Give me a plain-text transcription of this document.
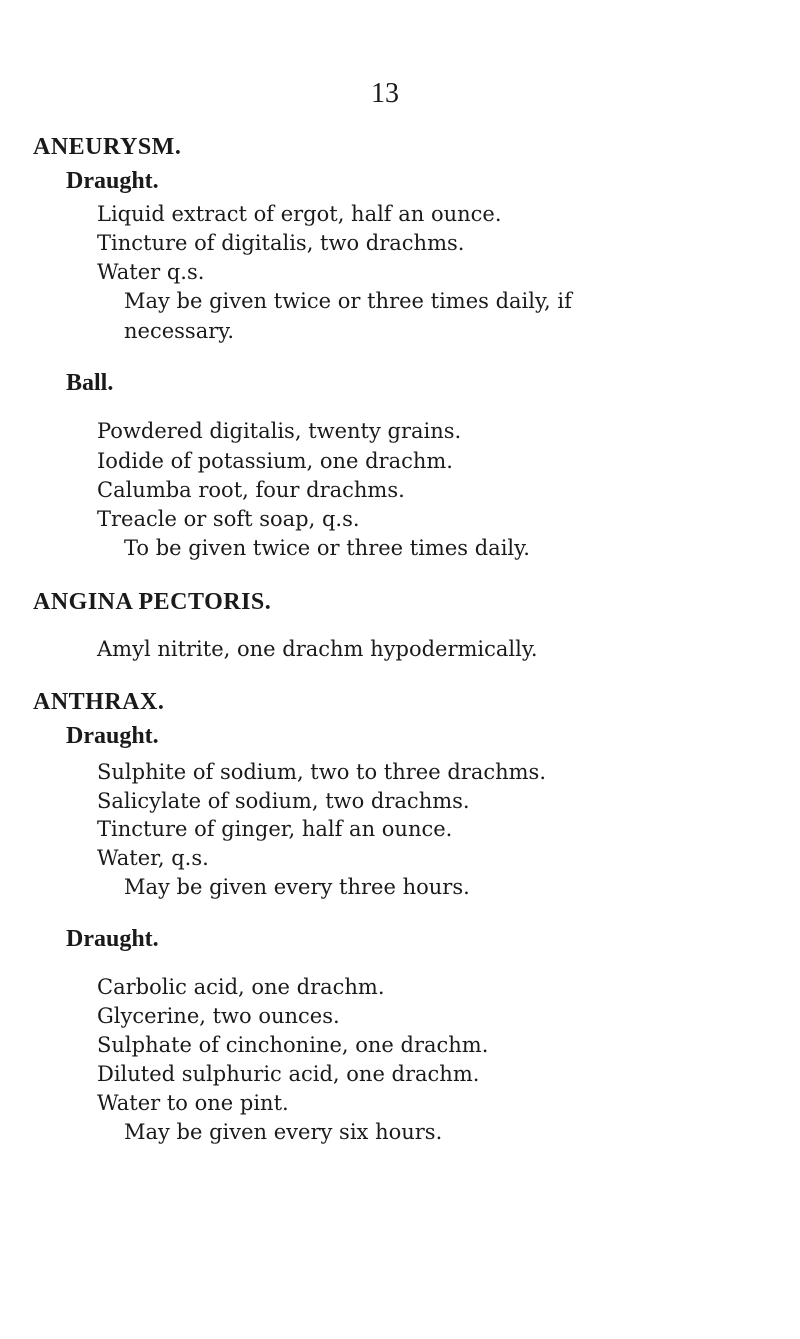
13
ANEURYSM.
Draught.
Liquid extract of ergot, half an ounce.
Tincture of digitalis, two drachms.
Water q.s.
May be given twice or three times daily, if
necessary.
Ball.
Powdered digitalis, twenty grains.
Iodide of potassium, one drachm.
Calumba root, four drachms.
Treacle or soft soap, q.s.
To be given twice or three times daily.
ANGINA PECTORIS.
Amyl nitrite, one drachm hypodermically.
ANTHRAX.
Draught.
Sulphite of sodium, two to three drachms.
Salicylate of sodium, two drachms.
Tincture of ginger, half an ounce.
Water, q.s.
May be given every three hours.
Draught.
Carbolic acid, one drachm.
Glycerine, two ounces.
Sulphate of cinchonine, one drachm.
Diluted sulphuric acid, one drachm.
Water to one pint.
May be given every six hours.
